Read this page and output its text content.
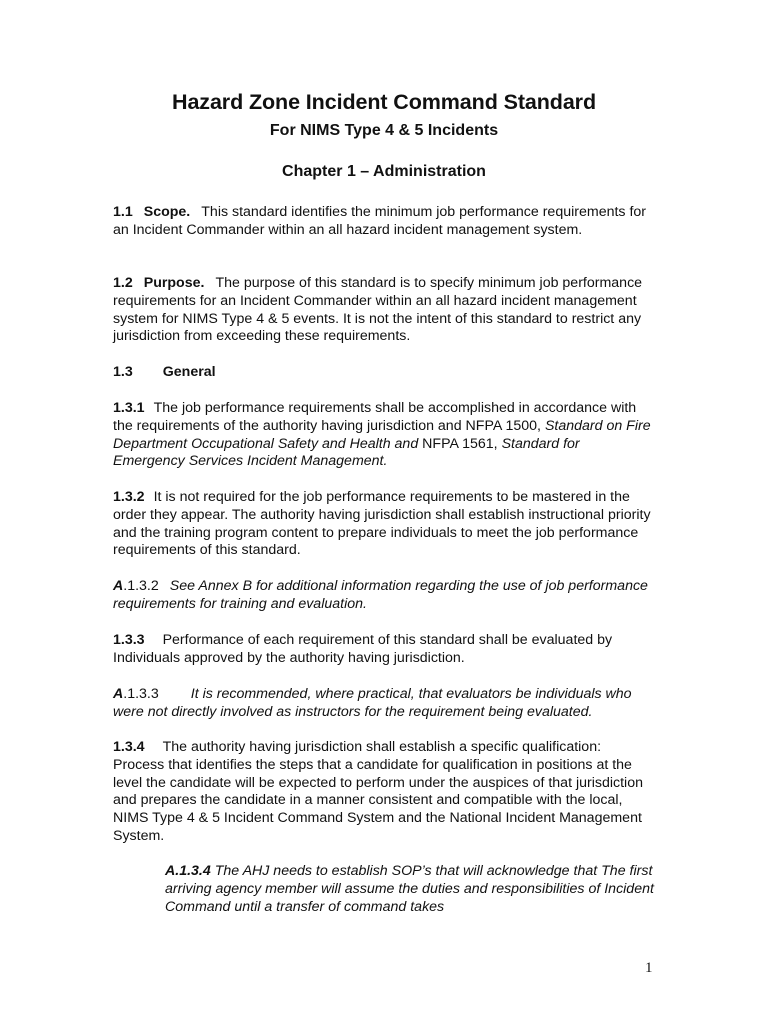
Hazard Zone Incident Command Standard
For NIMS Type 4 & 5 Incidents
Chapter 1 – Administration

1.1 Scope. This standard identifies the minimum job performance requirements for an Incident Commander within an all hazard incident management system.

1.2 Purpose. The purpose of this standard is to specify minimum job performance requirements for an Incident Commander within an all hazard incident management system for NIMS Type 4 & 5 events. It is not the intent of this standard to restrict any jurisdiction from exceeding these requirements.

1.3 General

1.3.1 The job performance requirements shall be accomplished in accordance with the requirements of the authority having jurisdiction and NFPA 1500, Standard on Fire Department Occupational Safety and Health and NFPA 1561, Standard for Emergency Services Incident Management.

1.3.2 It is not required for the job performance requirements to be mastered in the order they appear. The authority having jurisdiction shall establish instructional priority and the training program content to prepare individuals to meet the job performance requirements of this standard.

A.1.3.2 See Annex B for additional information regarding the use of job performance requirements for training and evaluation.

1.3.3 Performance of each requirement of this standard shall be evaluated by Individuals approved by the authority having jurisdiction.

A.1.3.3 It is recommended, where practical, that evaluators be individuals who were not directly involved as instructors for the requirement being evaluated.

1.3.4 The authority having jurisdiction shall establish a specific qualification: Process that identifies the steps that a candidate for qualification in positions at the level the candidate will be expected to perform under the auspices of that jurisdiction and prepares the candidate in a manner consistent and compatible with the local, NIMS Type 4 & 5 Incident Command System and the National Incident Management System.

A.1.3.4 The AHJ needs to establish SOP’s that will acknowledge that The first arriving agency member will assume the duties and responsibilities of Incident Command until a transfer of command takes

1
